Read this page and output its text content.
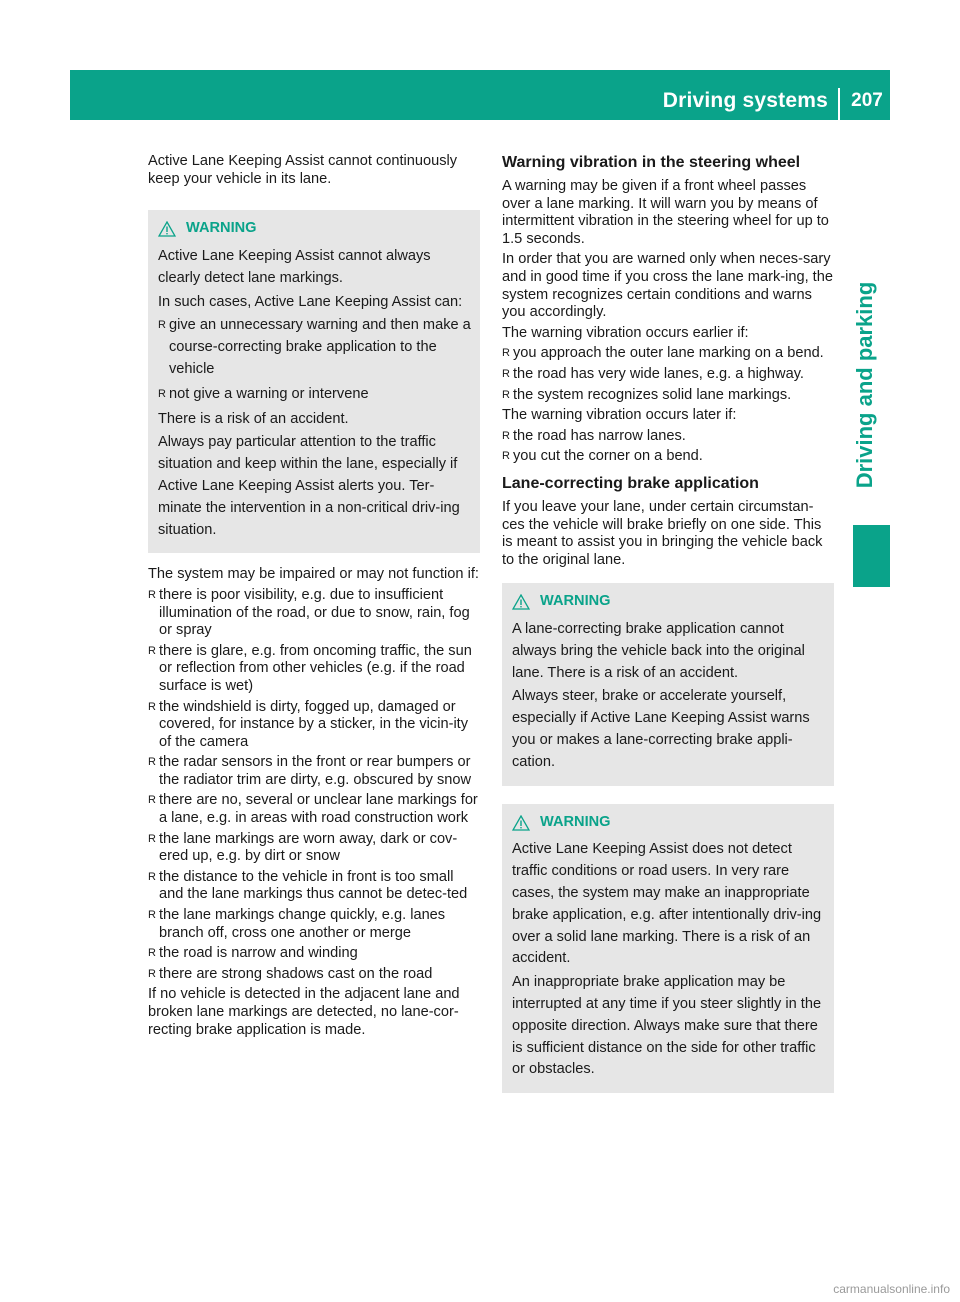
Driving systems 207
Driving and parking

Active Lane Keeping Assist cannot continuously keep your vehicle in its lane.

WARNING

Active Lane Keeping Assist cannot always clearly detect lane markings.

In such cases, Active Lane Keeping Assist can:

R give an unnecessary warning and then make a course-correcting brake application to the vehicle
R not give a warning or intervene

There is a risk of an accident.

Always pay particular attention to the traffic situation and keep within the lane, especially if Active Lane Keeping Assist alerts you. Ter-minate the intervention in a non-critical driv-ing situation.

The system may be impaired or may not function if:

R there is poor visibility, e.g. due to insufficient illumination of the road, or due to snow, rain, fog or spray
R there is glare, e.g. from oncoming traffic, the sun or reflection from other vehicles (e.g. if the road surface is wet)
R the windshield is dirty, fogged up, damaged or covered, for instance by a sticker, in the vicin-ity of the camera
R the radar sensors in the front or rear bumpers or the radiator trim are dirty, e.g. obscured by snow
R there are no, several or unclear lane markings for a lane, e.g. in areas with road construction work
R the lane markings are worn away, dark or cov-ered up, e.g. by dirt or snow
R the distance to the vehicle in front is too small and the lane markings thus cannot be detec-ted
R the lane markings change quickly, e.g. lanes branch off, cross one another or merge
R the road is narrow and winding
R there are strong shadows cast on the road

If no vehicle is detected in the adjacent lane and broken lane markings are detected, no lane-cor-recting brake application is made.

Warning vibration in the steering wheel

A warning may be given if a front wheel passes over a lane marking. It will warn you by means of intermittent vibration in the steering wheel for up to 1.5 seconds.

In order that you are warned only when neces-sary and in good time if you cross the lane mark-ing, the system recognizes certain conditions and warns you accordingly.

The warning vibration occurs earlier if:

R you approach the outer lane marking on a bend.
R the road has very wide lanes, e.g. a highway.
R the system recognizes solid lane markings.

The warning vibration occurs later if:

R the road has narrow lanes.
R you cut the corner on a bend.
Lane-correcting brake application

If you leave your lane, under certain circumstan-ces the vehicle will brake briefly on one side. This is meant to assist you in bringing the vehicle back to the original lane.

WARNING

A lane-correcting brake application cannot always bring the vehicle back into the original lane. There is a risk of an accident.

Always steer, brake or accelerate yourself, especially if Active Lane Keeping Assist warns you or makes a lane-correcting brake appli-cation.

WARNING

Active Lane Keeping Assist does not detect traffic conditions or road users. In very rare cases, the system may make an inappropriate brake application, e.g. after intentionally driv-ing over a solid lane marking. There is a risk of an accident.

An inappropriate brake application may be interrupted at any time if you steer slightly in the opposite direction. Always make sure that there is sufficient distance on the side for other traffic or obstacles.

carmanualsonline.info
